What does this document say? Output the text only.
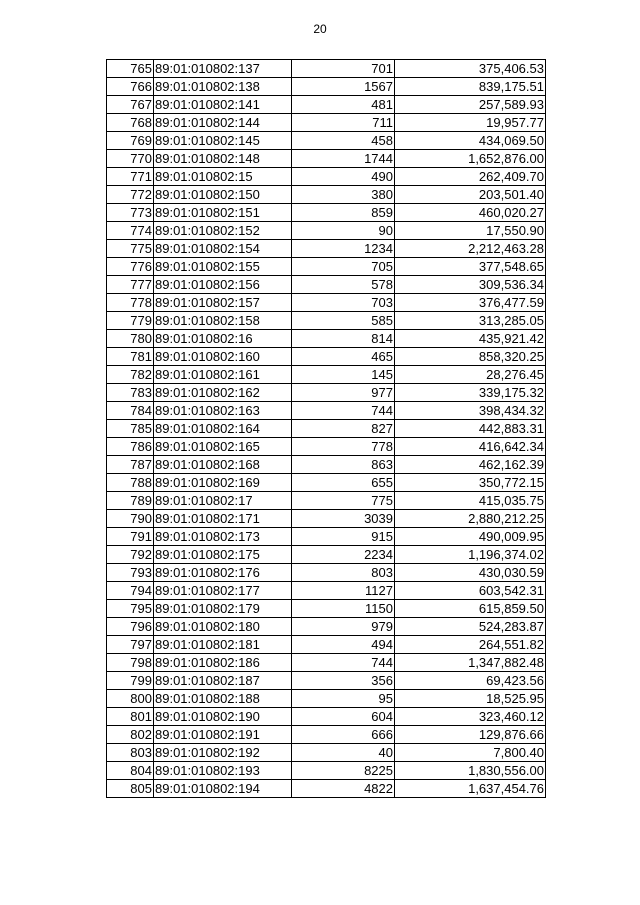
20
765	89:01:010802:137	701	375,406.53
766	89:01:010802:138	1567	839,175.51
767	89:01:010802:141	481	257,589.93
768	89:01:010802:144	711	19,957.77
769	89:01:010802:145	458	434,069.50
770	89:01:010802:148	1744	1,652,876.00
771	89:01:010802:15	490	262,409.70
772	89:01:010802:150	380	203,501.40
773	89:01:010802:151	859	460,020.27
774	89:01:010802:152	90	17,550.90
775	89:01:010802:154	1234	2,212,463.28
776	89:01:010802:155	705	377,548.65
777	89:01:010802:156	578	309,536.34
778	89:01:010802:157	703	376,477.59
779	89:01:010802:158	585	313,285.05
780	89:01:010802:16	814	435,921.42
781	89:01:010802:160	465	858,320.25
782	89:01:010802:161	145	28,276.45
783	89:01:010802:162	977	339,175.32
784	89:01:010802:163	744	398,434.32
785	89:01:010802:164	827	442,883.31
786	89:01:010802:165	778	416,642.34
787	89:01:010802:168	863	462,162.39
788	89:01:010802:169	655	350,772.15
789	89:01:010802:17	775	415,035.75
790	89:01:010802:171	3039	2,880,212.25
791	89:01:010802:173	915	490,009.95
792	89:01:010802:175	2234	1,196,374.02
793	89:01:010802:176	803	430,030.59
794	89:01:010802:177	1127	603,542.31
795	89:01:010802:179	1150	615,859.50
796	89:01:010802:180	979	524,283.87
797	89:01:010802:181	494	264,551.82
798	89:01:010802:186	744	1,347,882.48
799	89:01:010802:187	356	69,423.56
800	89:01:010802:188	95	18,525.95
801	89:01:010802:190	604	323,460.12
802	89:01:010802:191	666	129,876.66
803	89:01:010802:192	40	7,800.40
804	89:01:010802:193	8225	1,830,556.00
805	89:01:010802:194	4822	1,637,454.76
